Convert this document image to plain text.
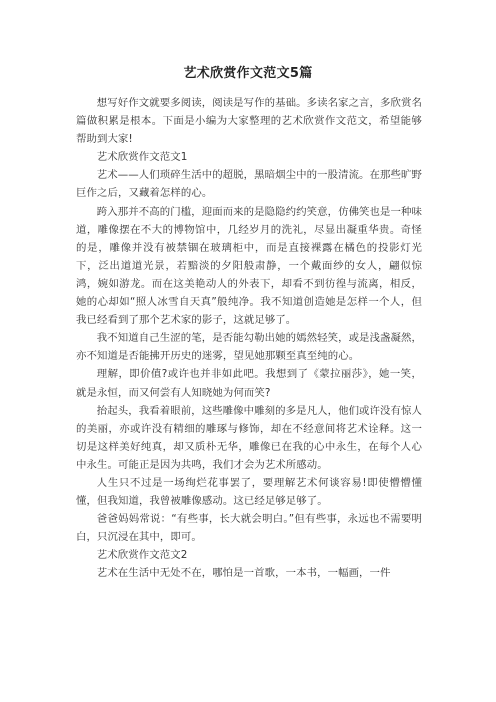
艺术欣赏作文范文5篇

想写好作文就要多阅读，阅读是写作的基础。多读名家之言，多欣赏名篇做积累是根本。下面是小编为大家整理的艺术欣赏作文范文，希望能够帮助到大家!

艺术欣赏作文范文1

艺术——人们琐碎生活中的超脱，黑暗烟尘中的一股清流。在那些旷野巨作之后，又藏着怎样的心。

跨入那并不高的门槛，迎面而来的是隐隐约约笑意，仿佛笑也是一种味道，雕像摆在不大的博物馆中，几经岁月的洗礼，尽显出凝重华贵。奇怪的是，雕像并没有被禁锢在玻璃柜中，而是直接裸露在橘色的投影灯光下，泛出道道光景，若黯淡的夕阳般肃静，一个戴面纱的女人，翩似惊鸿，婉如游龙。而在这美艳动人的外表下，却看不到彷徨与流离，相反，她的心却如“照人冰雪自天真”般纯净。我不知道创造她是怎样一个人，但我已经看到了那个艺术家的影子，这就足够了。

我不知道自己生涩的笔，是否能勾勒出她的嫣然轻笑，或是浅盏凝然，亦不知道是否能拂开历史的迷雾，望见她那颗至真至纯的心。

理解，即价值?或许也并非如此吧。我想到了《蒙拉丽莎》，她一笑，就是永恒，而又何尝有人知晓她为何而笑?

抬起头，我看着眼前，这些雕像中雕刻的多是凡人，他们或许没有惊人的美丽，亦或许没有精细的雕琢与修饰，却在不经意间将艺术诠释。这一切是这样美好纯真，却又质朴无华，雕像已在我的心中永生，在每个人心中永生。可能正是因为共鸣，我们才会为艺术所感动。

人生只不过是一场绚烂花事罢了，要理解艺术何谈容易!即使懵懵懂懂，但我知道，我曾被雕像感动。这已经足够足够了。

爸爸妈妈常说：“有些事，长大就会明白。”但有些事，永远也不需要明白，只沉浸在其中，即可。

艺术欣赏作文范文2

艺术在生活中无处不在，哪怕是一首歌，一本书，一幅画，一件
